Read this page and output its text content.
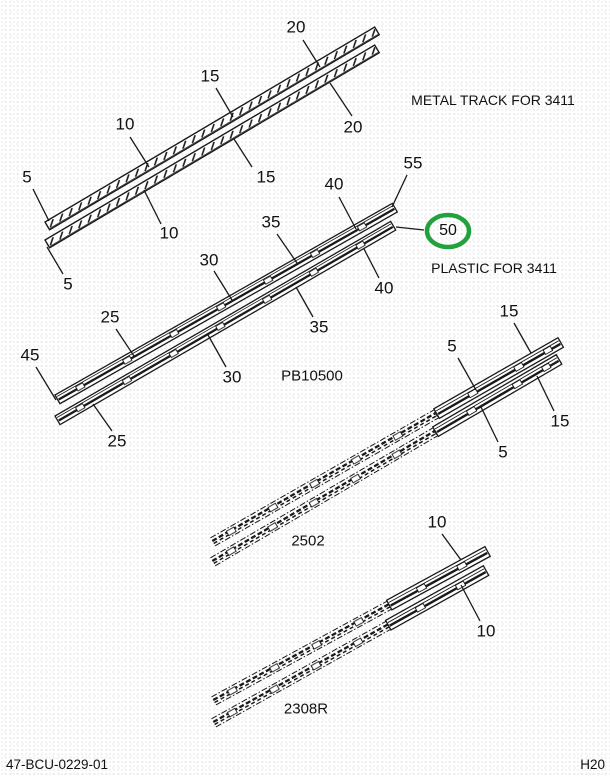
20
15
10
5
20
15
10
5
METAL TRACK FOR 3411
55
40
35
30
25
45
25
30
35
40
50
PLASTIC FOR 3411
PB10500
15
5
15
5
2502
10
10
2308R
47-BCU-0229-01	H20
